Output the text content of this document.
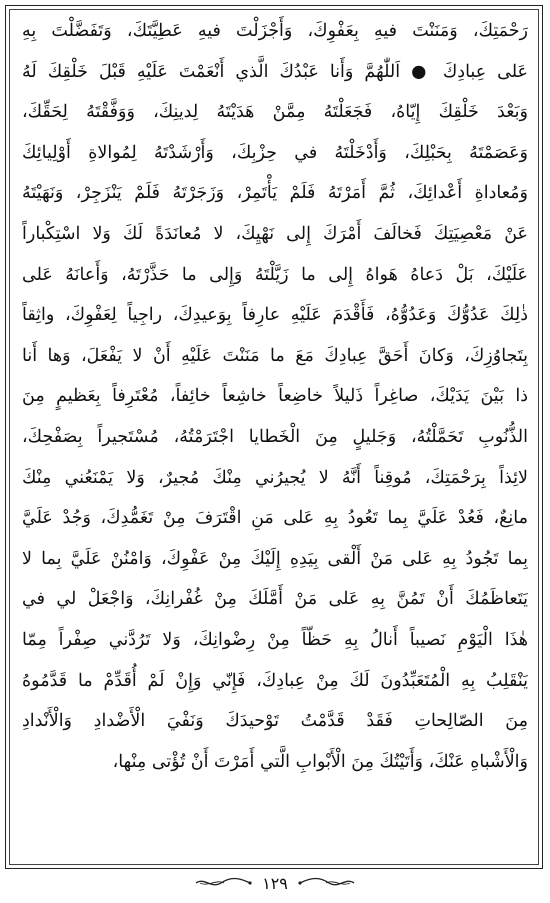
رَحْمَتِكَ، وَمَنَنْتَ فيهِ بِعَفْوِكَ، وَأَجْزَلْتَ فيهِ عَطِيَّتَكَ، وَتَفَضَّلْتَ بِهِ
عَلى عِبادِكَ ● اَللّٰهُمَّ وَأَنا عَبْدُكَ الَّذي أَنْعَمْتَ عَلَيْهِ قَبْلَ خَلْقِكَ لَهُ
وَبَعْدَ خَلْقِكَ إِيّاهُ، فَجَعَلْتَهُ مِمَّنْ هَدَيْتَهُ لِدينِكَ، وَوَفَّقْتَهُ لِحَقِّكَ،
وَعَصَمْتَهُ بِحَبْلِكَ، وَأَدْخَلْتَهُ في حِزْبِكَ، وَأَرْشَدْتَهُ لِمُوالاةِ أَوْلِيائِكَ
وَمُعاداةِ أَعْدائِكَ، ثُمَّ أَمَرْتَهُ فَلَمْ يَأْتَمِرْ، وَزَجَرْتَهُ فَلَمْ يَنْزَجِرْ، وَنَهَيْتَهُ
عَنْ مَعْصِيَتِكَ فَخالَفَ أَمْرَكَ إِلى نَهْيِكَ، لا مُعانَدَةً لَكَ وَلا اسْتِكْباراً
عَلَيْكَ، بَلْ دَعاهُ هَواهُ إِلى ما زَيَّلْتَهُ وَإِلى ما حَذَّرْتَهُ، وَأَعانَهُ عَلى
ذٰلِكَ عَدُوُّكَ وَعَدُوُّهُ، فَأَقْدَمَ عَلَيْهِ عارِفاً بِوَعيدِكَ، راجِياً لِعَفْوِكَ، واثِقاً
بِتَجاوُزِكَ، وَكانَ أَحَقَّ عِبادِكَ مَعَ ما مَنَنْتَ عَلَيْهِ أَنْ لا يَفْعَلَ، وَها أَنا
ذا بَيْنَ يَدَيْكَ، صاغِراً ذَليلاً خاضِعاً خاشِعاً خائِفاً، مُعْتَرِفاً بِعَظيمٍ مِنَ
الذُّنُوبِ تَحَمَّلْتُهُ، وَجَليلٍ مِنَ الْخَطايا اجْتَرَمْتُهُ، مُسْتَجيراً بِصَفْحِكَ،
لائِذاً بِرَحْمَتِكَ، مُوقِناً أَنَّهُ لا يُجيرُني مِنْكَ مُجيرٌ، وَلا يَمْنَعُني مِنْكَ
مانِعٌ، فَعُدْ عَلَيَّ بِما تَعُودُ بِهِ عَلى مَنِ اقْتَرَفَ مِنْ تَغَمُّدِكَ، وَجُدْ عَلَيَّ
بِما تَجُودُ بِهِ عَلى مَنْ أَلْقى بِيَدِهِ إِلَيْكَ مِنْ عَفْوِكَ، وَامْنُنْ عَلَيَّ بِما لا
يَتَعاظَمُكَ أَنْ تَمُنَّ بِهِ عَلى مَنْ أَمَّلَكَ مِنْ غُفْرانِكَ، وَاجْعَلْ لي في
هٰذَا الْيَوْمِ نَصيباً أَنالُ بِهِ حَظّاً مِنْ رِضْوانِكَ، وَلا تَرُدَّني صِفْراً مِمّا
يَنْقَلِبُ بِهِ الْمُتَعَبِّدُونَ لَكَ مِنْ عِبادِكَ، فَإِنّي وَإِنْ لَمْ أُقَدِّمْ ما قَدَّمُوهُ
مِنَ الصّالِحاتِ فَقَدْ قَدَّمْتُ تَوْحيدَكَ وَنَفْيَ الْأَضْدادِ وَالْأَنْدادِ
وَالْأَشْباهِ عَنْكَ، وَأَتَيْتُكَ مِنَ الْأَبْوابِ الَّتي أَمَرْتَ أَنْ تُؤْتى مِنْها،
١٢٩
